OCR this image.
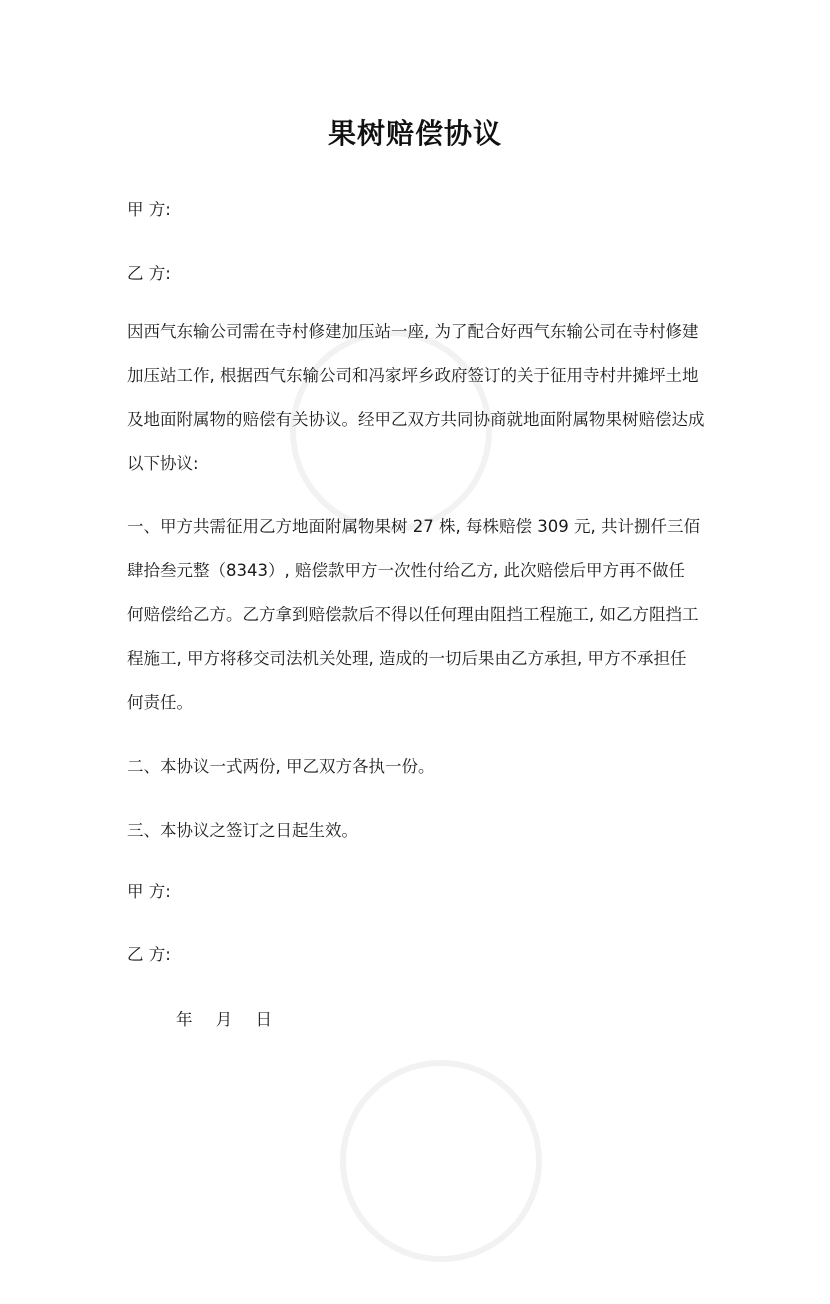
果树赔偿协议
甲 方:
乙 方:
因西气东输公司需在寺村修建加压站一座, 为了配合好西气东输公司在寺村修建
加压站工作, 根据西气东输公司和冯家坪乡政府签订的关于征用寺村井摊坪土地
及地面附属物的赔偿有关协议。经甲乙双方共同协商就地面附属物果树赔偿达成
以下协议:
一、甲方共需征用乙方地面附属物果树 27 株, 每株赔偿 309 元, 共计捌仟三佰
肆拾叁元整（8343）, 赔偿款甲方一次性付给乙方, 此次赔偿后甲方再不做任
何赔偿给乙方。乙方拿到赔偿款后不得以任何理由阻挡工程施工, 如乙方阻挡工
程施工, 甲方将移交司法机关处理, 造成的一切后果由乙方承担, 甲方不承担任
何责任。
二、本协议一式两份, 甲乙双方各执一份。
三、本协议之签订之日起生效。
甲 方:
乙 方:
年 月 日
